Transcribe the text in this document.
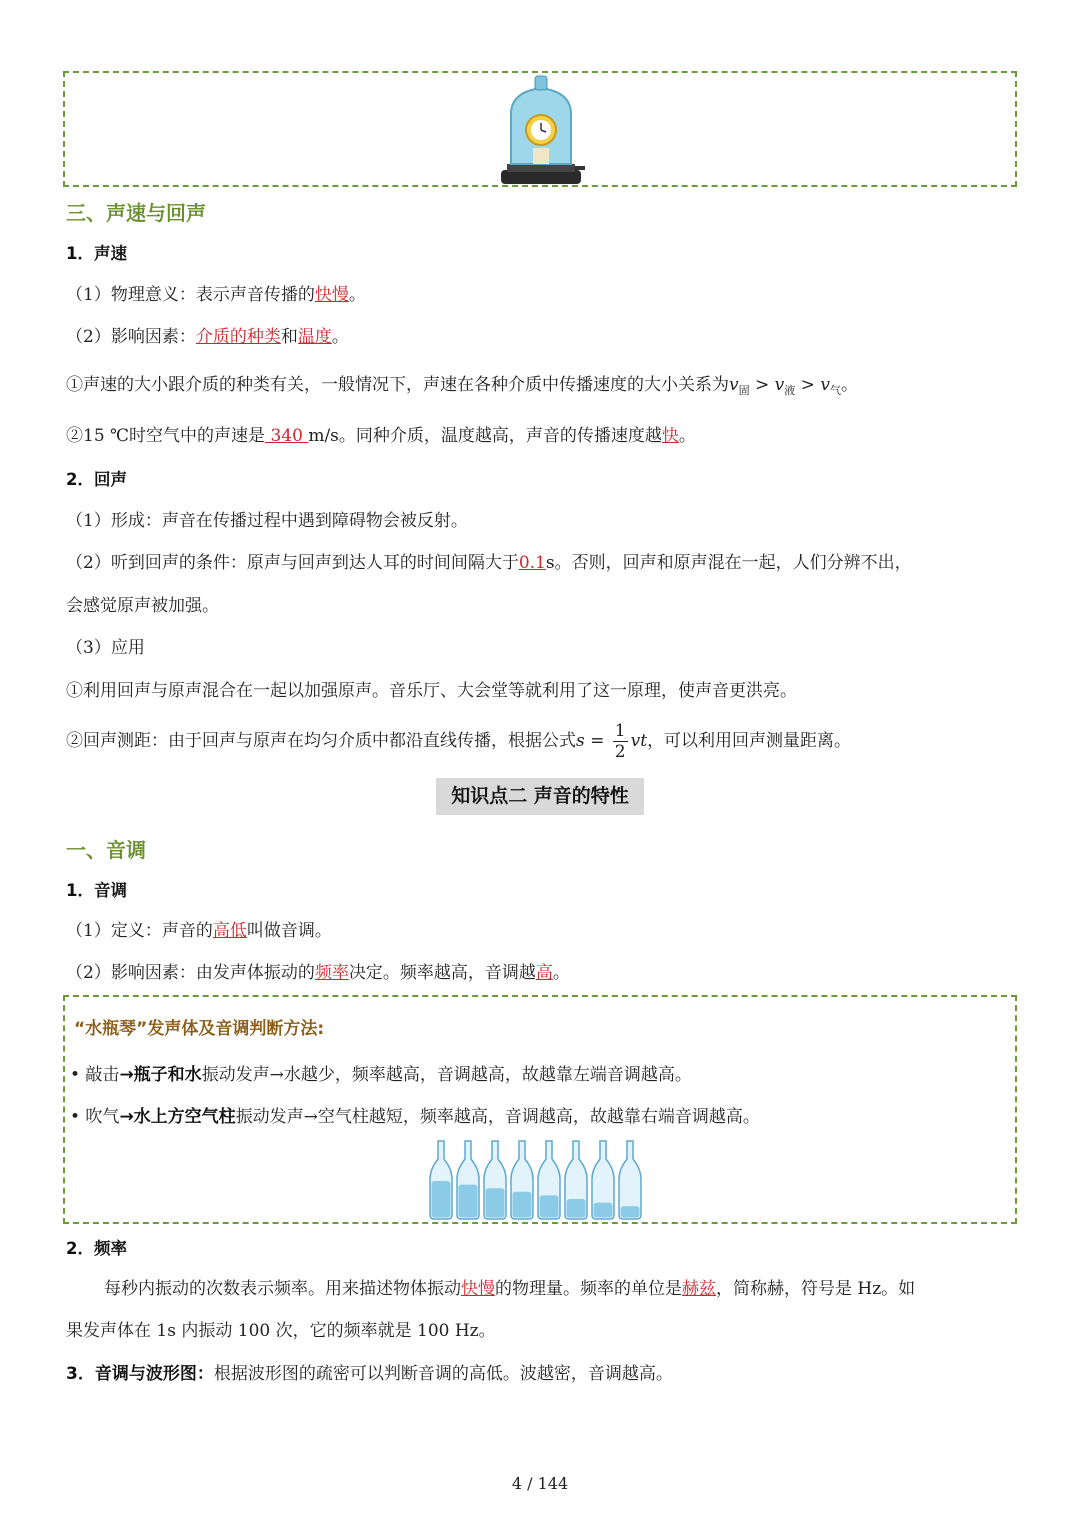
三、声速与回声
1．声速
（1）物理意义：表示声音传播的快慢。
（2）影响因素：介质的种类和温度。
①声速的大小跟介质的种类有关，一般情况下，声速在各种介质中传播速度的大小关系为$v_固 > v_液 > v_气$。
②15 ℃时空气中的声速是 340 m/s。同种介质，温度越高，声音的传播速度越快。
2．回声
（1）形成：声音在传播过程中遇到障碍物会被反射。
（2）听到回声的条件：原声与回声到达人耳的时间间隔大于0.1s。否则，回声和原声混在一起，人们分辨不出，
会感觉原声被加强。
（3）应用
①利用回声与原声混合在一起以加强原声。音乐厅、大会堂等就利用了这一原理，使声音更洪亮。
②回声测距：由于回声与原声在均匀介质中都沿直线传播，根据公式$s = \frac{1}{2}$ vt，可以利用回声测量距离。
知识点二 声音的特性
一、音调
1．音调
（1）定义：声音的高低叫做音调。
（2）影响因素：由发声体振动的频率决定。频率越高，音调越高。
“水瓶琴”发声体及音调判断方法:
• 敲击→瓶子和水振动发声→水越少，频率越高，音调越高，故越靠左端音调越高。
• 吹气→水上方空气柱振动发声→空气柱越短，频率越高，音调越高，故越靠右端音调越高。
2．频率
每秒内振动的次数表示频率。用来描述物体振动快慢的物理量。频率的单位是赫兹，简称赫，符号是 Hz。如
果发声体在 1s 内振动 100 次，它的频率就是 100 Hz。
3．音调与波形图：根据波形图的疏密可以判断音调的高低。波越密，音调越高。
4 / 144
